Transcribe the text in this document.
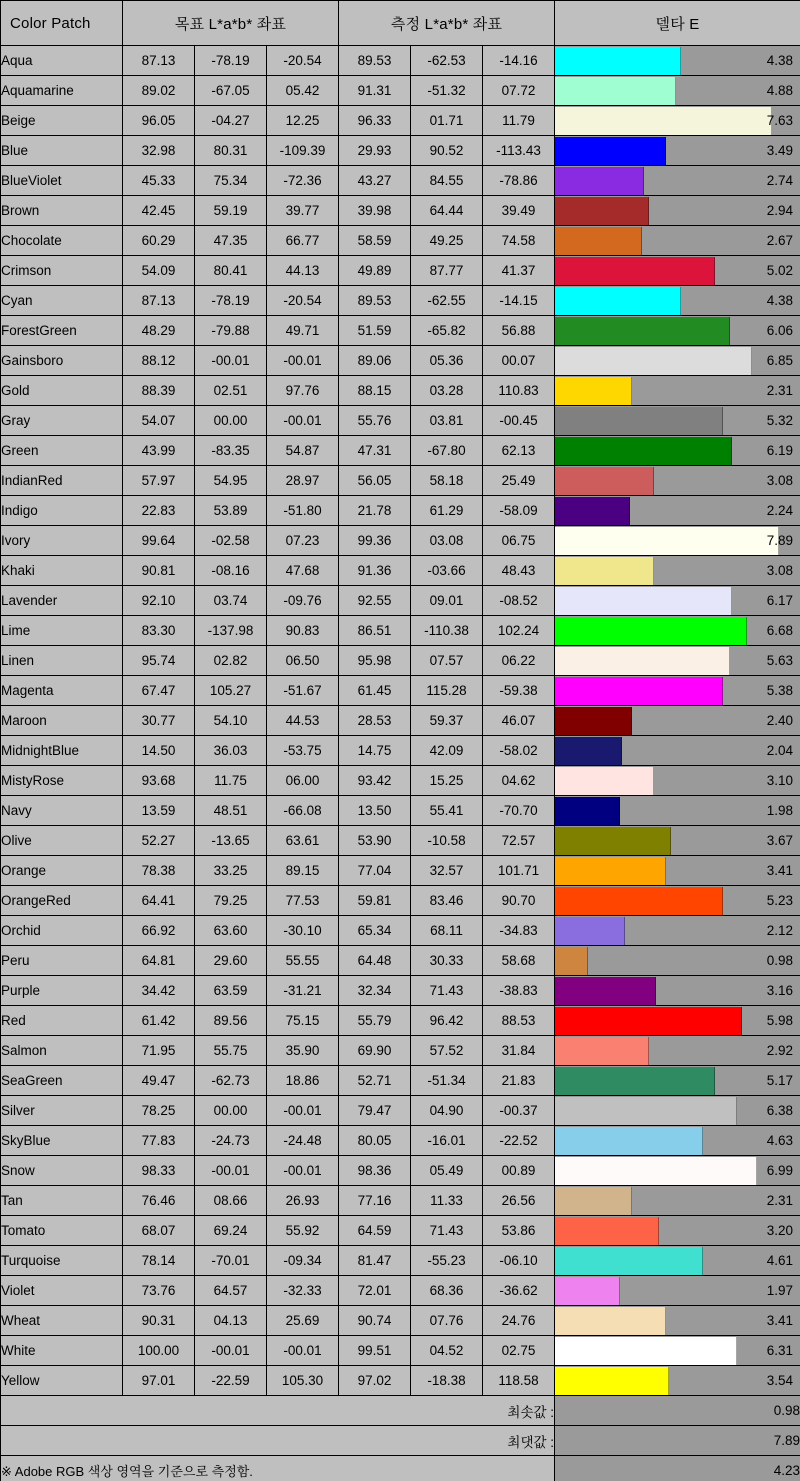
Color Patch	목표 L*a*b* 좌표			측정 L*a*b* 좌표			델타 E
Aqua	87.13	-78.19	-20.54	89.53	-62.53	-14.16	4.38

Aquamarine	89.02	-67.05	05.42	91.31	-51.32	07.72	4.88

Beige	96.05	-04.27	12.25	96.33	01.71	11.79	7.63

Blue	32.98	80.31	-109.39	29.93	90.52	-113.43	3.49

BlueViolet	45.33	75.34	-72.36	43.27	84.55	-78.86	2.74

Brown	42.45	59.19	39.77	39.98	64.44	39.49	2.94

Chocolate	60.29	47.35	66.77	58.59	49.25	74.58	2.67

Crimson	54.09	80.41	44.13	49.89	87.77	41.37	5.02

Cyan	87.13	-78.19	-20.54	89.53	-62.55	-14.15	4.38

ForestGreen	48.29	-79.88	49.71	51.59	-65.82	56.88	6.06

Gainsboro	88.12	-00.01	-00.01	89.06	05.36	00.07	6.85

Gold	88.39	02.51	97.76	88.15	03.28	110.83	2.31

Gray	54.07	00.00	-00.01	55.76	03.81	-00.45	5.32

Green	43.99	-83.35	54.87	47.31	-67.80	62.13	6.19

IndianRed	57.97	54.95	28.97	56.05	58.18	25.49	3.08

Indigo	22.83	53.89	-51.80	21.78	61.29	-58.09	2.24

Ivory	99.64	-02.58	07.23	99.36	03.08	06.75	7.89

Khaki	90.81	-08.16	47.68	91.36	-03.66	48.43	3.08

Lavender	92.10	03.74	-09.76	92.55	09.01	-08.52	6.17

Lime	83.30	-137.98	90.83	86.51	-110.38	102.24	6.68

Linen	95.74	02.82	06.50	95.98	07.57	06.22	5.63

Magenta	67.47	105.27	-51.67	61.45	115.28	-59.38	5.38

Maroon	30.77	54.10	44.53	28.53	59.37	46.07	2.40

MidnightBlue	14.50	36.03	-53.75	14.75	42.09	-58.02	2.04

MistyRose	93.68	11.75	06.00	93.42	15.25	04.62	3.10

Navy	13.59	48.51	-66.08	13.50	55.41	-70.70	1.98

Olive	52.27	-13.65	63.61	53.90	-10.58	72.57	3.67

Orange	78.38	33.25	89.15	77.04	32.57	101.71	3.41

OrangeRed	64.41	79.25	77.53	59.81	83.46	90.70	5.23

Orchid	66.92	63.60	-30.10	65.34	68.11	-34.83	2.12

Peru	64.81	29.60	55.55	64.48	30.33	58.68	0.98

Purple	34.42	63.59	-31.21	32.34	71.43	-38.83	3.16

Red	61.42	89.56	75.15	55.79	96.42	88.53	5.98

Salmon	71.95	55.75	35.90	69.90	57.52	31.84	2.92

SeaGreen	49.47	-62.73	18.86	52.71	-51.34	21.83	5.17

Silver	78.25	00.00	-00.01	79.47	04.90	-00.37	6.38

SkyBlue	77.83	-24.73	-24.48	80.05	-16.01	-22.52	4.63

Snow	98.33	-00.01	-00.01	98.36	05.49	00.89	6.99

Tan	76.46	08.66	26.93	77.16	11.33	26.56	2.31

Tomato	68.07	69.24	55.92	64.59	71.43	53.86	3.20

Turquoise	78.14	-70.01	-09.34	81.47	-55.23	-06.10	4.61

Violet	73.76	64.57	-32.33	72.01	68.36	-36.62	1.97

Wheat	90.31	04.13	25.69	90.74	07.76	24.76	3.41

White	100.00	-00.01	-00.01	99.51	04.52	02.75	6.31

Yellow	97.01	-22.59	105.30	97.02	-18.38	118.58	3.54

최솟값 :							0.98
최댓값 :							7.89
※ Adobe RGB 색상 영역을 기준으로 측정함.							4.23
